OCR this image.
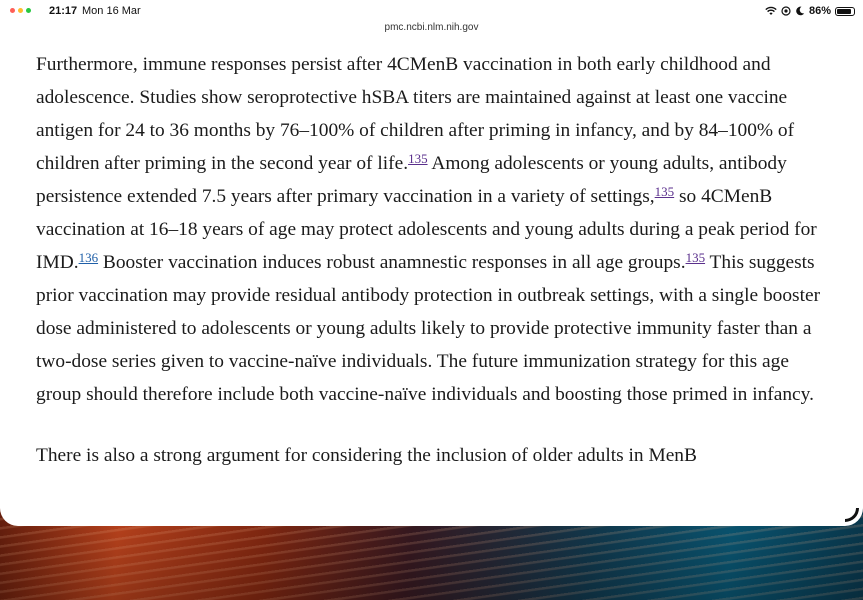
21:17 Mon 16 Mar	86%
pmc.ncbi.nlm.nih.gov

Furthermore, immune responses persist after 4CMenB vaccination in both early childhood and adolescence. Studies show seroprotective hSBA titers are maintained against at least one vaccine antigen for 24 to 36 months by 76–100% of children after priming in infancy, and by 84–100% of children after priming in the second year of life.$^{135}$ Among adolescents or young adults, antibody persistence extended 7.5 years after primary vaccination in a variety of settings,$^{135}$ so 4CMenB vaccination at 16–18 years of age may protect adolescents and young adults during a peak period for IMD.$^{136}$ Booster vaccination induces robust anamnestic responses in all age groups.$^{135}$ This suggests prior vaccination may provide residual antibody protection in outbreak settings, with a single booster dose administered to adolescents or young adults likely to provide protective immunity faster than a two-dose series given to vaccine-naïve individuals. The future immunization strategy for this age group should therefore include both vaccine-naïve individuals and boosting those primed in infancy.

There is also a strong argument for considering the inclusion of older adults in MenB
